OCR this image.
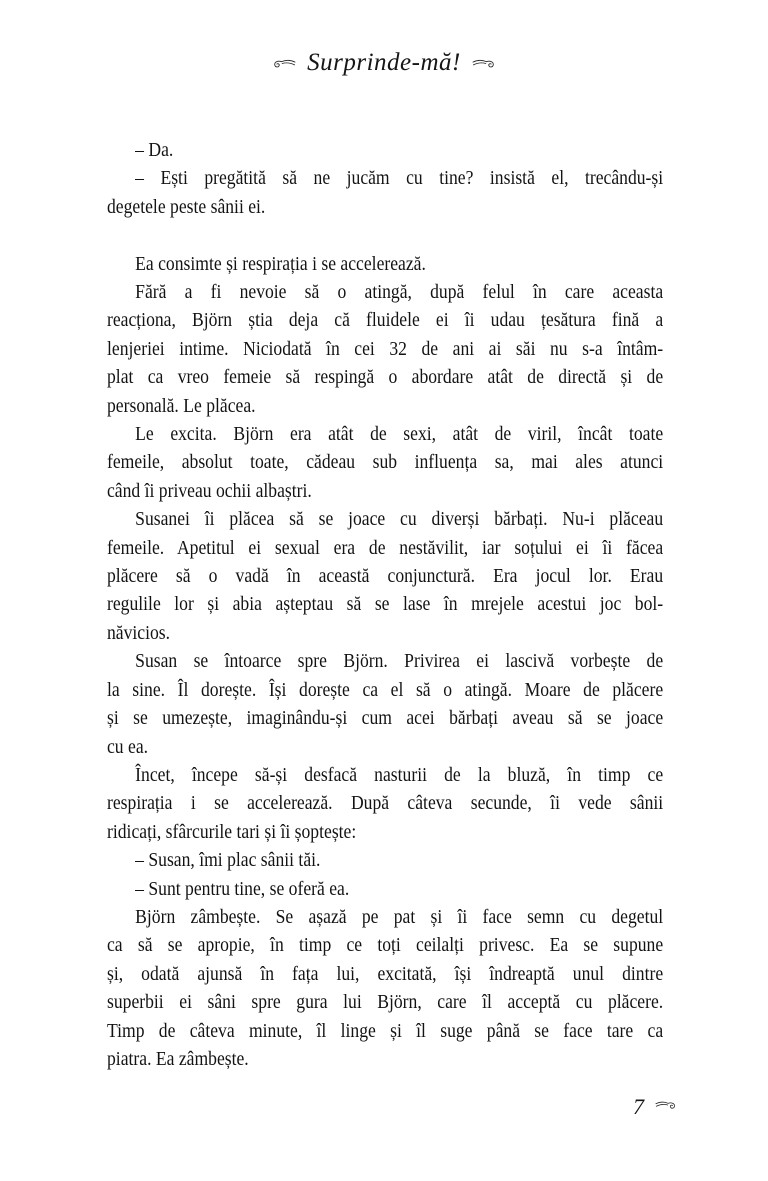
Surprinde-mă!
– Da.
– Ești pregătită să ne jucăm cu tine? insistă el, trecându-și
degetele peste sânii ei.
Ea consimte și respirația i se accelerează.
Fără a fi nevoie să o atingă, după felul în care aceasta
reacționa, Björn știa deja că fluidele ei îi udau țesătura fină a
lenjeriei intime. Niciodată în cei 32 de ani ai săi nu s-a întâm-
plat ca vreo femeie să respingă o abordare atât de directă și de
personală. Le plăcea.
Le excita. Björn era atât de sexi, atât de viril, încât toate
femeile, absolut toate, cădeau sub influența sa, mai ales atunci
când îi priveau ochii albaștri.
Susanei îi plăcea să se joace cu diverși bărbați. Nu-i plăceau
femeile. Apetitul ei sexual era de nestăvilit, iar soțului ei îi făcea
plăcere să o vadă în această conjunctură. Era jocul lor. Erau
regulile lor și abia așteptau să se lase în mrejele acestui joc bol-
năvicios.
Susan se întoarce spre Björn. Privirea ei lascivă vorbește de
la sine. Îl dorește. Își dorește ca el să o atingă. Moare de plăcere
și se umezește, imaginându-și cum acei bărbați aveau să se joace
cu ea.
Încet, începe să-și desfacă nasturii de la bluză, în timp ce
respirația i se accelerează. După câteva secunde, îi vede sânii
ridicați, sfârcurile tari și îi șoptește:
– Susan, îmi plac sânii tăi.
– Sunt pentru tine, se oferă ea.
Björn zâmbește. Se așază pe pat și îi face semn cu degetul
ca să se apropie, în timp ce toți ceilalți privesc. Ea se supune
și, odată ajunsă în fața lui, excitată, își îndreaptă unul dintre
superbii ei sâni spre gura lui Björn, care îl acceptă cu plăcere.
Timp de câteva minute, îl linge și îl suge până se face tare ca
piatra. Ea zâmbește.
7
